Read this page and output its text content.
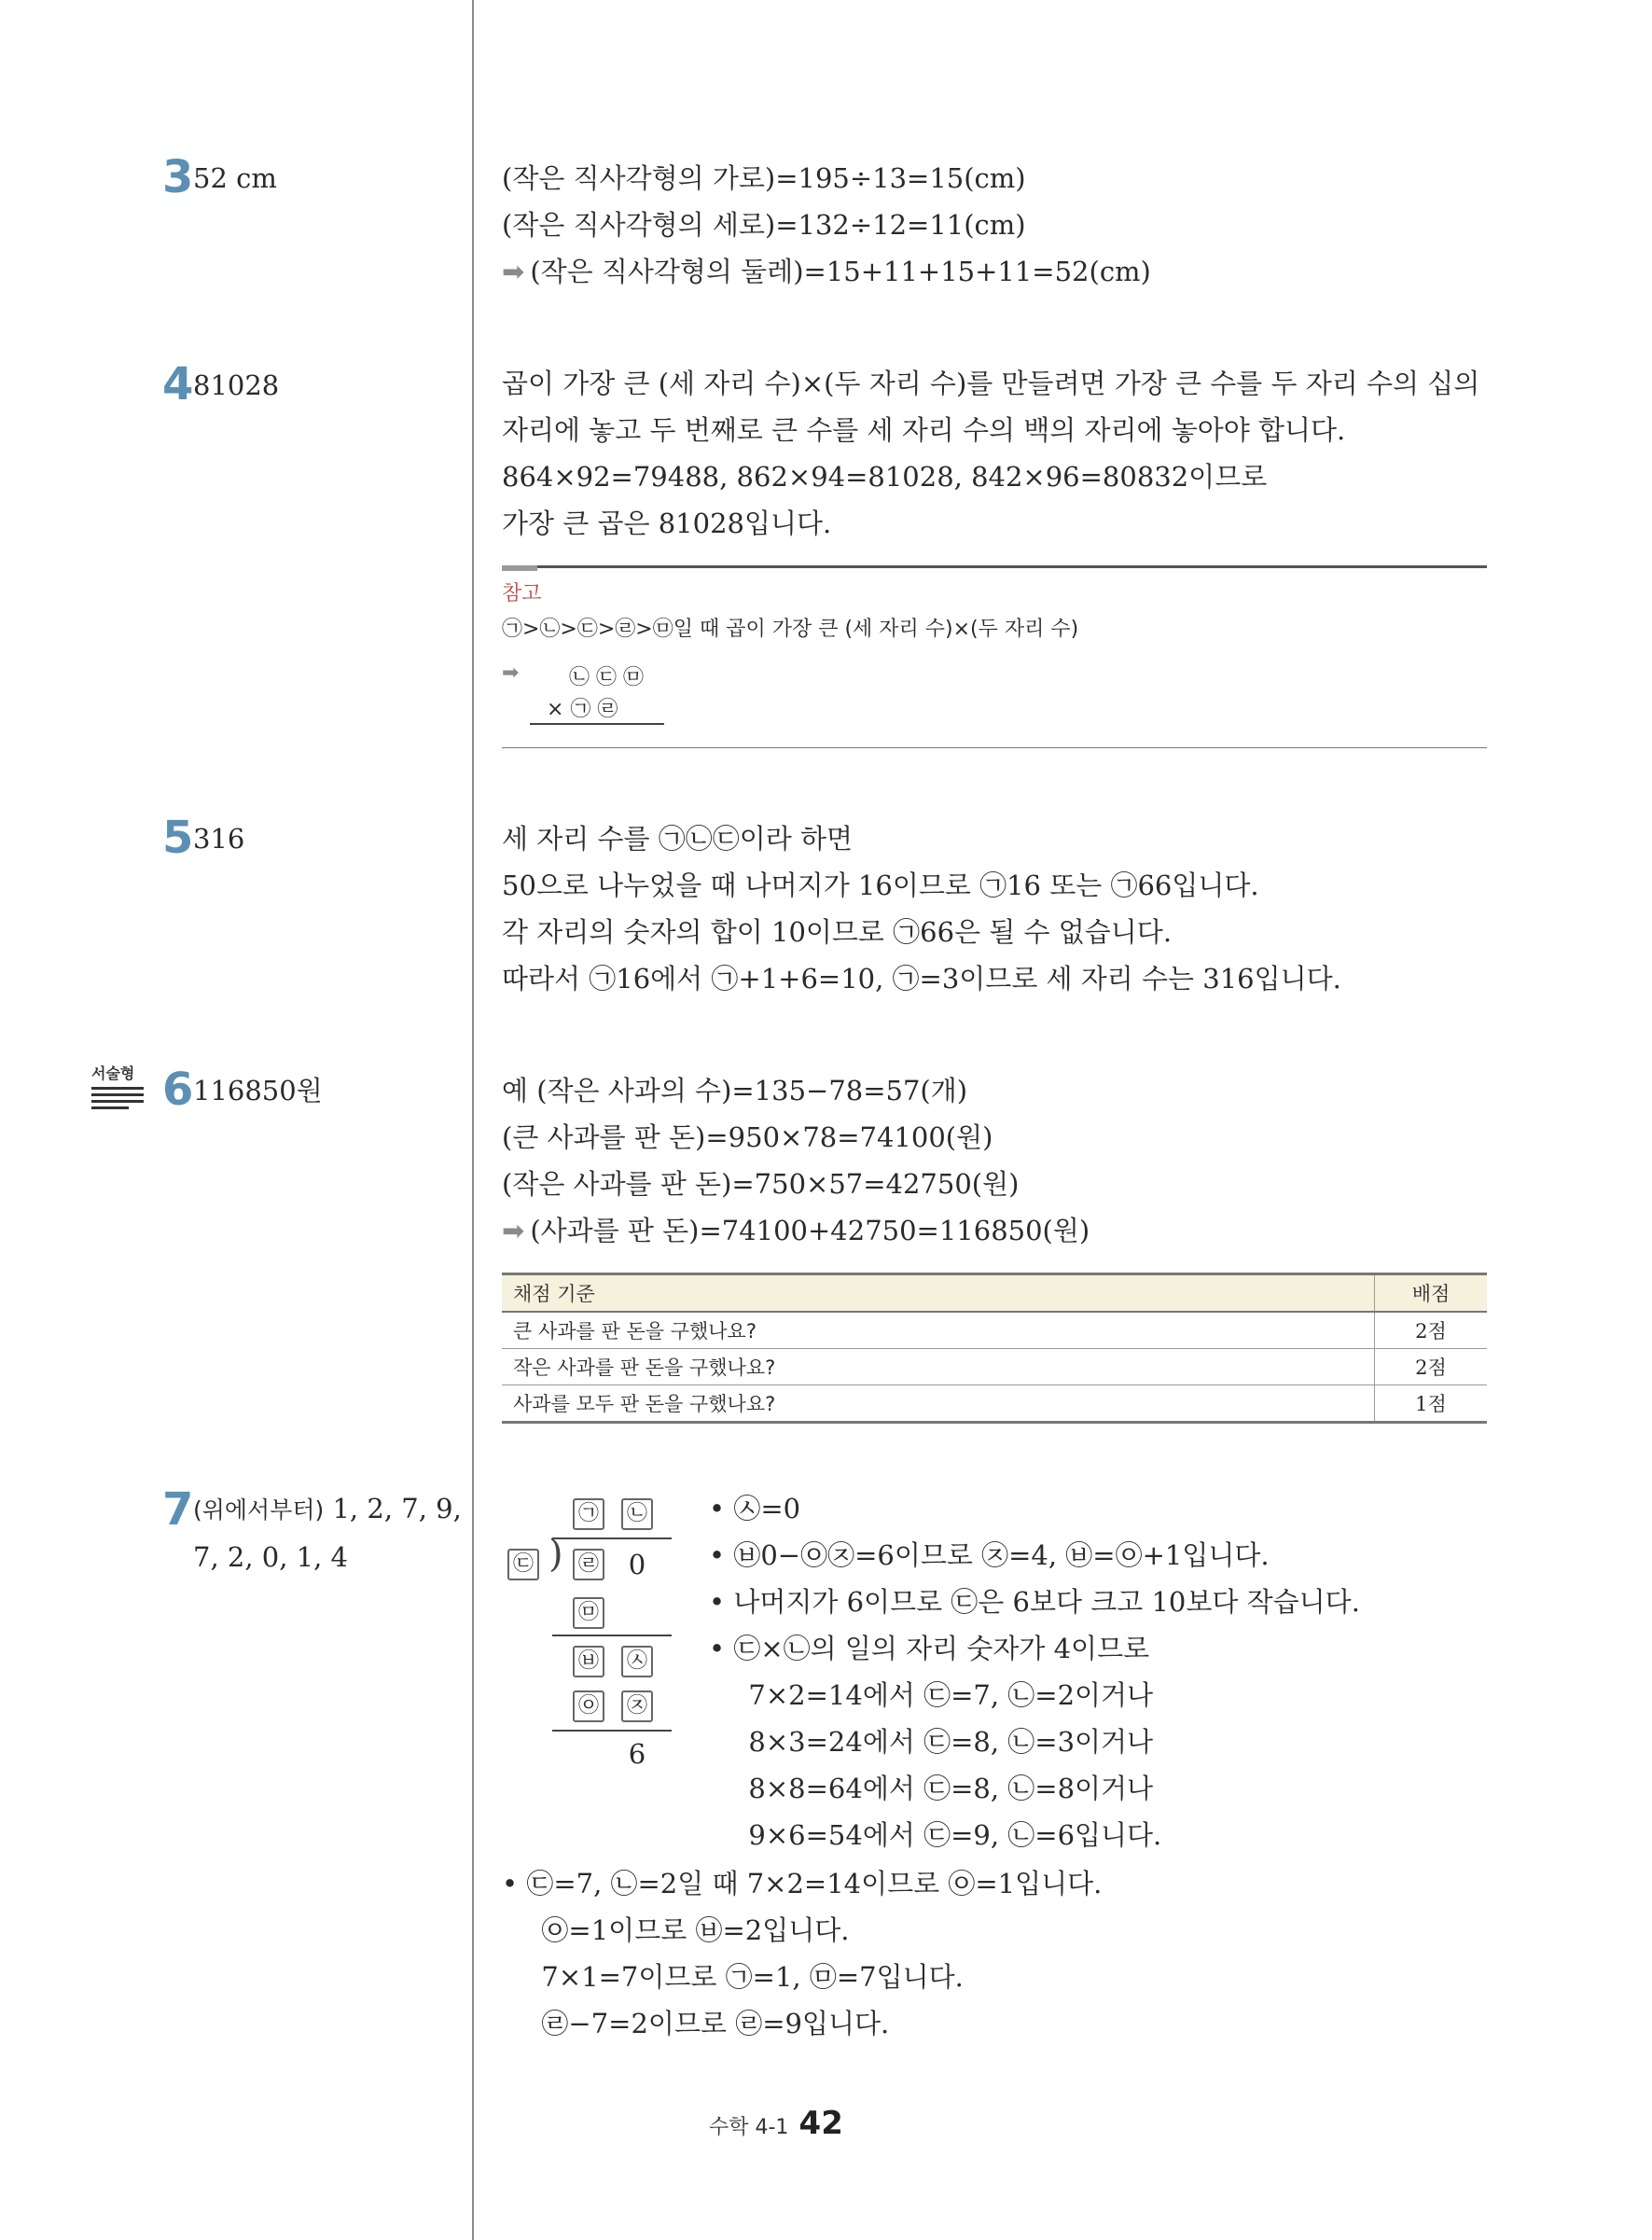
3 52 cm	(작은 직사각형의 가로)=195÷13=15(cm)
(작은 직사각형의 세로)=132÷12=11(cm)
➡ (작은 직사각형의 둘레)=15+11+15+11=52(cm)
4 81028	곱이 가장 큰 (세 자리 수)×(두 자리 수)를 만들려면 가장 큰 수를 두 자리 수의 십의
자리에 놓고 두 번째로 큰 수를 세 자리 수의 백의 자리에 놓아야 합니다.
864×92=79488, 862×94=81028, 842×96=80832이므로
가장 큰 곱은 81028입니다.
참고
㉠>㉡>㉢>㉣>㉤일 때 곱이 가장 큰 (세 자리 수)×(두 자리 수)
➡ ㉡ ㉢ ㉤
× ㉠ ㉣
5 316	세 자리 수를 ㉠㉡㉢이라 하면
50으로 나누었을 때 나머지가 16이므로 ㉠16 또는 ㉠66입니다.
각 자리의 숫자의 합이 10이므로 ㉠66은 될 수 없습니다.
따라서 ㉠16에서 ㉠+1+6=10, ㉠=3이므로 세 자리 수는 316입니다.
서술형 6 116850원	예 (작은 사과의 수)=135−78=57(개)
(큰 사과를 판 돈)=950×78=74100(원)
(작은 사과를 판 돈)=750×57=42750(원)
➡ (사과를 판 돈)=74100+42750=116850(원)
채점 기준	배점
큰 사과를 판 돈을 구했나요?	2점
작은 사과를 판 돈을 구했나요?	2점
사과를 모두 판 돈을 구했나요?	1점
7 (위에서부터) 1, 2, 7, 9,
7, 2, 0, 1, 4
㉠ ㉡
㉢ ) ㉣ 0
㉤
㉥ ㉦
㉧ ㉨
6
• ㉦=0
• ㉥0−㉧㉨=6이므로 ㉨=4, ㉥=㉧+1입니다.
• 나머지가 6이므로 ㉢은 6보다 크고 10보다 작습니다.
• ㉢×㉡의 일의 자리 숫자가 4이므로
7×2=14에서 ㉢=7, ㉡=2이거나
8×3=24에서 ㉢=8, ㉡=3이거나
8×8=64에서 ㉢=8, ㉡=8이거나
9×6=54에서 ㉢=9, ㉡=6입니다.
• ㉢=7, ㉡=2일 때 7×2=14이므로 ㉧=1입니다.
㉧=1이므로 ㉥=2입니다.
7×1=7이므로 ㉠=1, ㉤=7입니다.
㉣−7=2이므로 ㉣=9입니다.
수학 4-1 42
